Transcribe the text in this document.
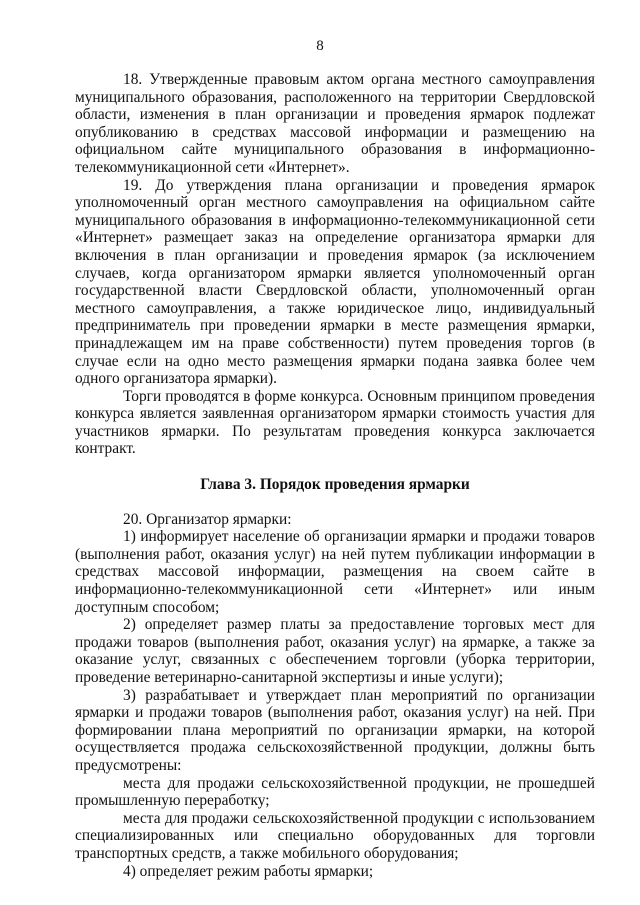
8

18. Утвержденные правовым актом органа местного самоуправления муниципального образования, расположенного на территории Свердловской области, изменения в план организации и проведения ярмарок подлежат опубликованию в средствах массовой информации и размещению на официальном сайте муниципального образования в информационно-телекоммуникационной сети «Интернет».

19. До утверждения плана организации и проведения ярмарок уполномоченный орган местного самоуправления на официальном сайте муниципального образования в информационно-телекоммуникационной сети «Интернет» размещает заказ на определение организатора ярмарки для включения в план организации и проведения ярмарок (за исключением случаев, когда организатором ярмарки является уполномоченный орган государственной власти Свердловской области, уполномоченный орган местного самоуправления, а также юридическое лицо, индивидуальный предприниматель при проведении ярмарки в месте размещения ярмарки, принадлежащем им на праве собственности) путем проведения торгов (в случае если на одно место размещения ярмарки подана заявка более чем одного организатора ярмарки).

Торги проводятся в форме конкурса. Основным принципом проведения конкурса является заявленная организатором ярмарки стоимость участия для участников ярмарки. По результатам проведения конкурса заключается контракт.

Глава 3. Порядок проведения ярмарки

20. Организатор ярмарки:

1) информирует население об организации ярмарки и продажи товаров (выполнения работ, оказания услуг) на ней путем публикации информации в средствах массовой информации, размещения на своем сайте в информационно-телекоммуникационной сети «Интернет» или иным доступным способом;

2) определяет размер платы за предоставление торговых мест для продажи товаров (выполнения работ, оказания услуг) на ярмарке, а также за оказание услуг, связанных с обеспечением торговли (уборка территории, проведение ветеринарно-санитарной экспертизы и иные услуги);

3) разрабатывает и утверждает план мероприятий по организации ярмарки и продажи товаров (выполнения работ, оказания услуг) на ней. При формировании плана мероприятий по организации ярмарки, на которой осуществляется продажа сельскохозяйственной продукции, должны быть предусмотрены:

места для продажи сельскохозяйственной продукции, не прошедшей промышленную переработку;

места для продажи сельскохозяйственной продукции с использованием специализированных или специально оборудованных для торговли транспортных средств, а также мобильного оборудования;

4) определяет режим работы ярмарки;
